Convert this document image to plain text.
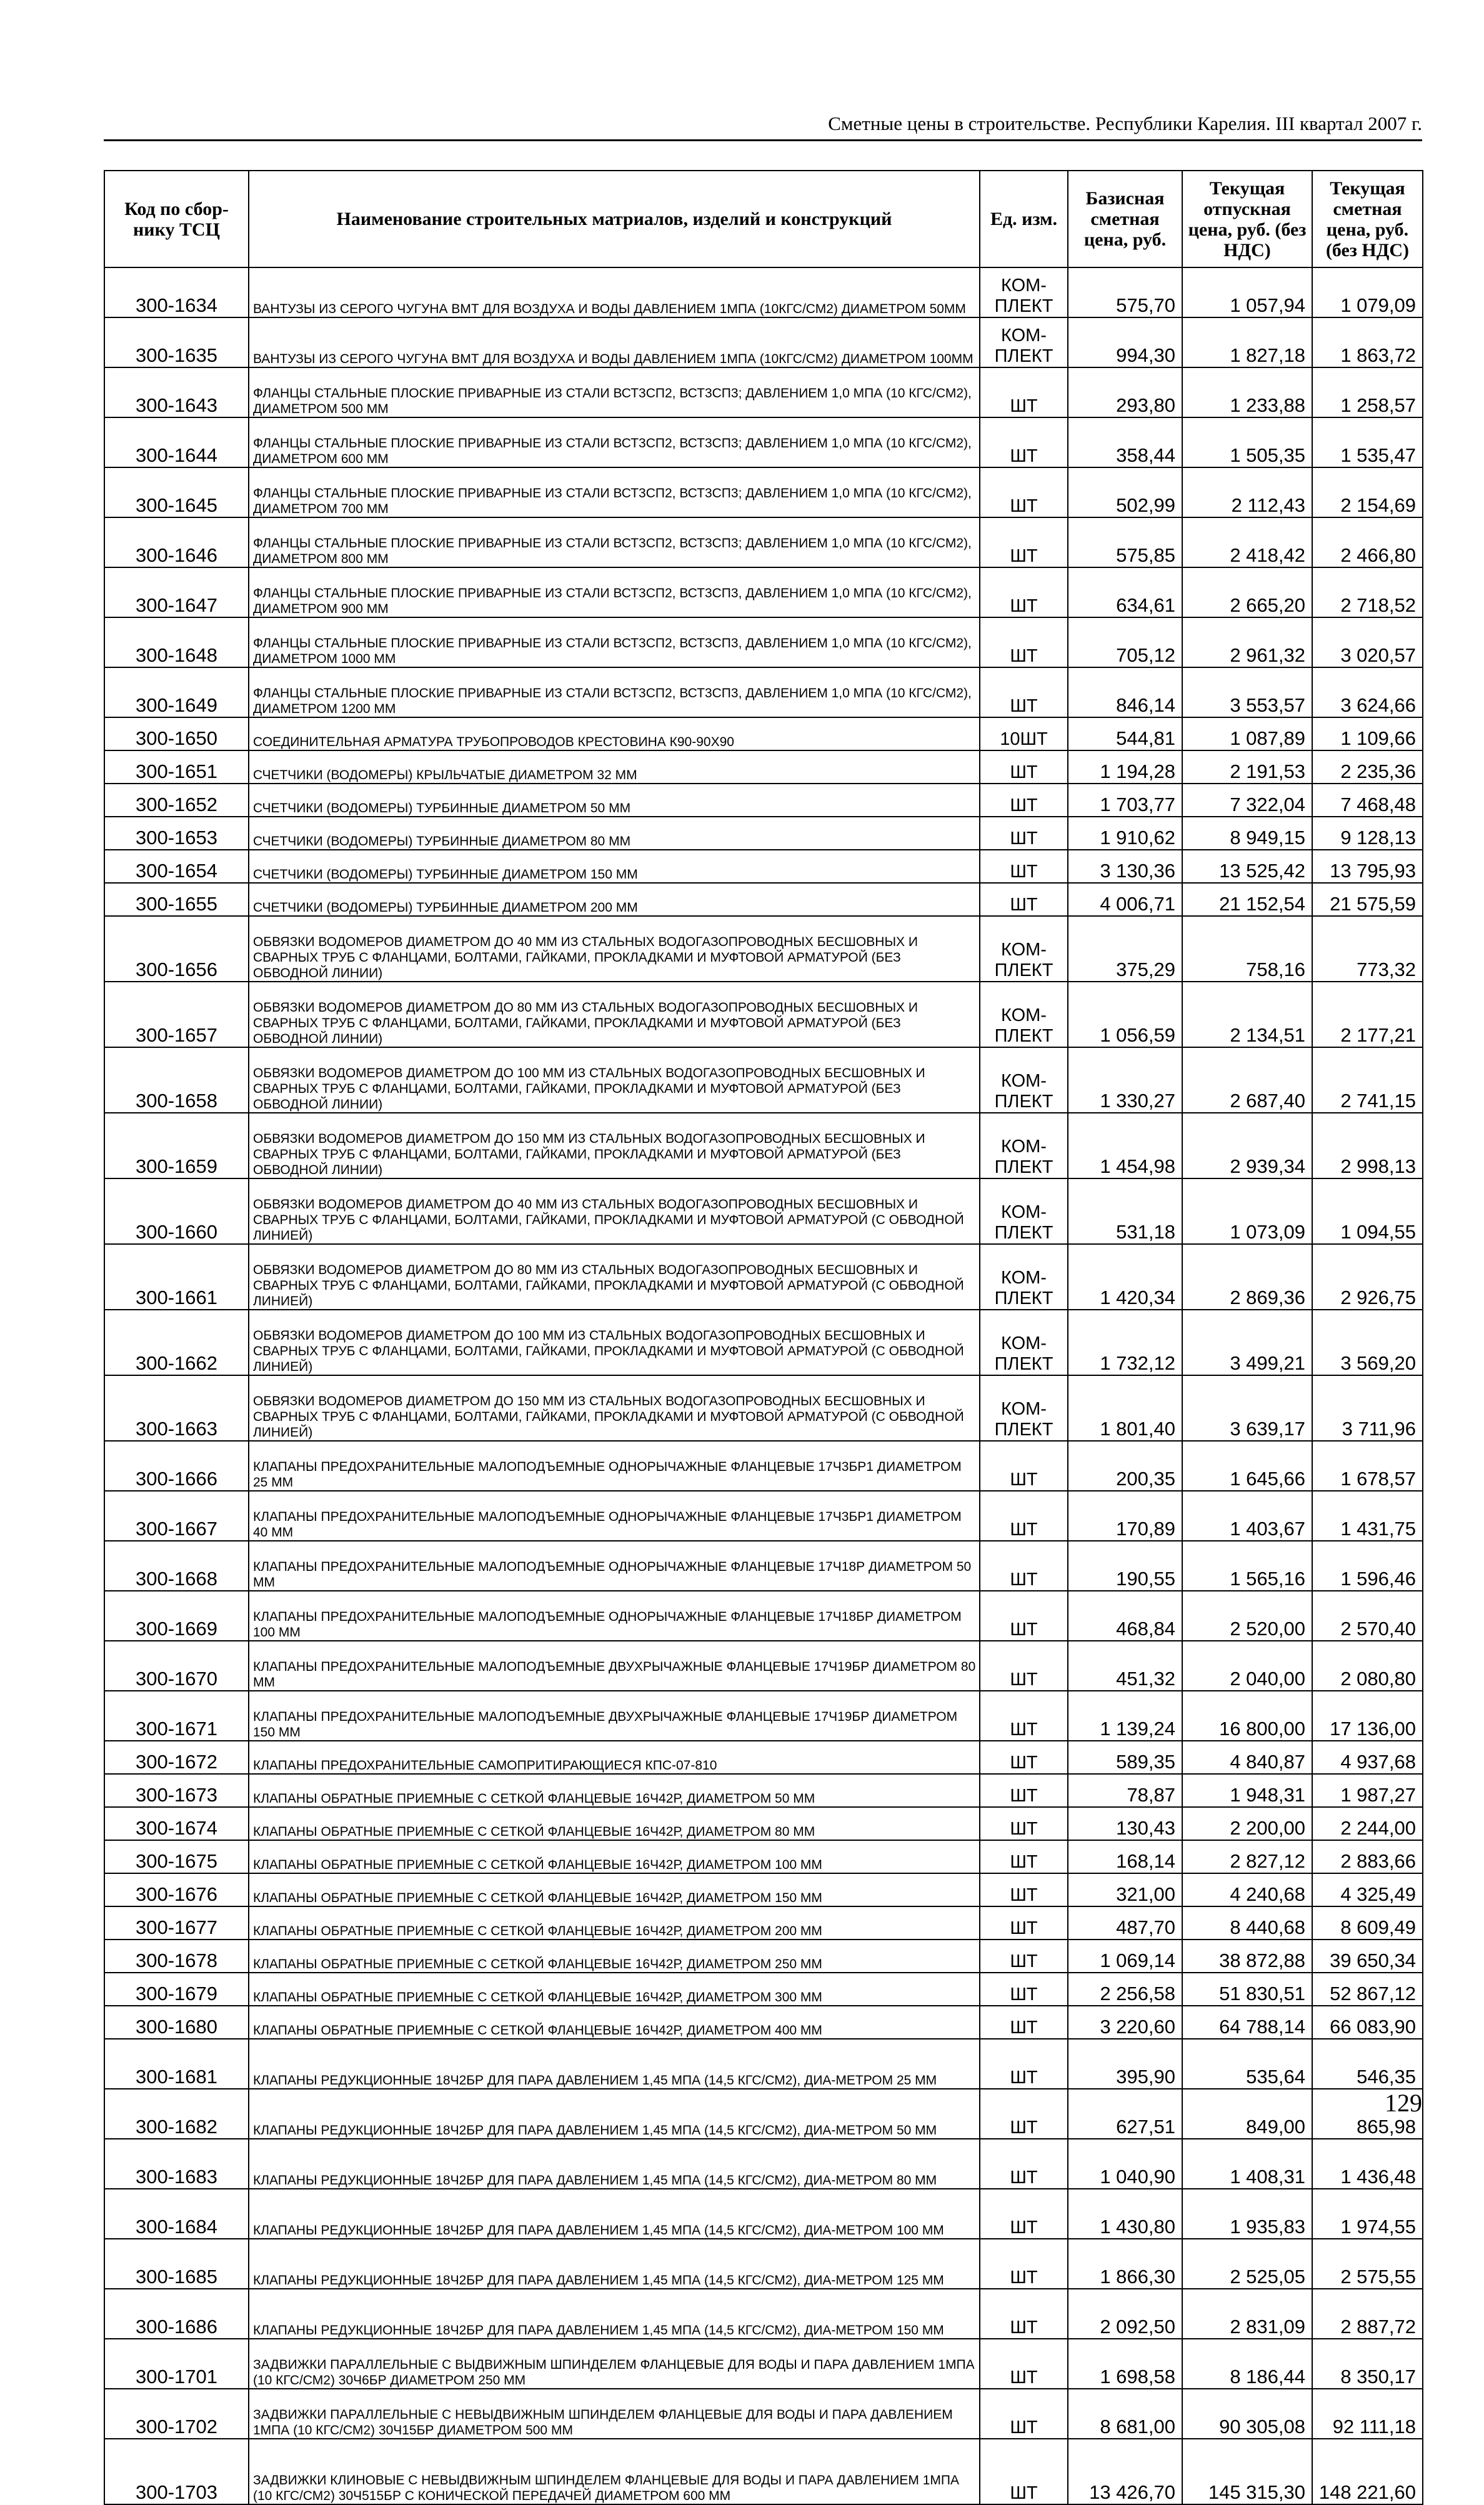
Сметные цены в строительстве. Республики Карелия. III квартал 2007 г.
Код по сбор-нику ТСЦ	Наименование строительных матриалов, изделий и конструкций	Ед. изм.	Базисная сметная цена, руб.	Текущая отпускная цена, руб. (без НДС)	Текущая сметная цена, руб. (без НДС)
300-1634	ВАНТУЗЫ ИЗ СЕРОГО ЧУГУНА ВМТ ДЛЯ ВОЗДУХА И ВОДЫ ДАВЛЕНИЕМ 1МПА (10КГС/СМ2) ДИАМЕТРОМ 50ММ	КОМ-ПЛЕКТ	575,70	1 057,94	1 079,09
300-1635	ВАНТУЗЫ ИЗ СЕРОГО ЧУГУНА ВМТ ДЛЯ ВОЗДУХА И ВОДЫ ДАВЛЕНИЕМ 1МПА (10КГС/СМ2) ДИАМЕТРОМ 100ММ	КОМ-ПЛЕКТ	994,30	1 827,18	1 863,72
300-1643	ФЛАНЦЫ СТАЛЬНЫЕ ПЛОСКИЕ ПРИВАРНЫЕ ИЗ СТАЛИ ВСТ3СП2, ВСТ3СП3; ДАВЛЕНИЕМ 1,0 МПА (10 КГС/СМ2), ДИАМЕТРОМ 500 ММ	ШТ	293,80	1 233,88	1 258,57
300-1644	ФЛАНЦЫ СТАЛЬНЫЕ ПЛОСКИЕ ПРИВАРНЫЕ ИЗ СТАЛИ ВСТ3СП2, ВСТ3СП3; ДАВЛЕНИЕМ 1,0 МПА (10 КГС/СМ2), ДИАМЕТРОМ 600 ММ	ШТ	358,44	1 505,35	1 535,47
300-1645	ФЛАНЦЫ СТАЛЬНЫЕ ПЛОСКИЕ ПРИВАРНЫЕ ИЗ СТАЛИ ВСТ3СП2, ВСТ3СП3; ДАВЛЕНИЕМ 1,0 МПА (10 КГС/СМ2), ДИАМЕТРОМ 700 ММ	ШТ	502,99	2 112,43	2 154,69
300-1646	ФЛАНЦЫ СТАЛЬНЫЕ ПЛОСКИЕ ПРИВАРНЫЕ ИЗ СТАЛИ ВСТ3СП2, ВСТ3СП3; ДАВЛЕНИЕМ 1,0 МПА (10 КГС/СМ2), ДИАМЕТРОМ 800 ММ	ШТ	575,85	2 418,42	2 466,80
300-1647	ФЛАНЦЫ СТАЛЬНЫЕ ПЛОСКИЕ ПРИВАРНЫЕ ИЗ СТАЛИ ВСТ3СП2, ВСТ3СП3, ДАВЛЕНИЕМ 1,0 МПА (10 КГС/СМ2), ДИАМЕТРОМ 900 ММ	ШТ	634,61	2 665,20	2 718,52
300-1648	ФЛАНЦЫ СТАЛЬНЫЕ ПЛОСКИЕ ПРИВАРНЫЕ ИЗ СТАЛИ ВСТ3СП2, ВСТ3СП3, ДАВЛЕНИЕМ 1,0 МПА (10 КГС/СМ2), ДИАМЕТРОМ 1000 ММ	ШТ	705,12	2 961,32	3 020,57
300-1649	ФЛАНЦЫ СТАЛЬНЫЕ ПЛОСКИЕ ПРИВАРНЫЕ ИЗ СТАЛИ ВСТ3СП2, ВСТ3СП3, ДАВЛЕНИЕМ 1,0 МПА (10 КГС/СМ2), ДИАМЕТРОМ 1200 ММ	ШТ	846,14	3 553,57	3 624,66
300-1650	СОЕДИНИТЕЛЬНАЯ АРМАТУРА ТРУБОПРОВОДОВ КРЕСТОВИНА К90-90Х90	10ШТ	544,81	1 087,89	1 109,66
300-1651	СЧЕТЧИКИ (ВОДОМЕРЫ) КРЫЛЬЧАТЫЕ ДИАМЕТРОМ 32 ММ	ШТ	1 194,28	2 191,53	2 235,36
300-1652	СЧЕТЧИКИ (ВОДОМЕРЫ) ТУРБИННЫЕ ДИАМЕТРОМ 50 ММ	ШТ	1 703,77	7 322,04	7 468,48
300-1653	СЧЕТЧИКИ (ВОДОМЕРЫ) ТУРБИННЫЕ ДИАМЕТРОМ 80 ММ	ШТ	1 910,62	8 949,15	9 128,13
300-1654	СЧЕТЧИКИ (ВОДОМЕРЫ) ТУРБИННЫЕ ДИАМЕТРОМ 150 ММ	ШТ	3 130,36	13 525,42	13 795,93
300-1655	СЧЕТЧИКИ (ВОДОМЕРЫ) ТУРБИННЫЕ ДИАМЕТРОМ 200 ММ	ШТ	4 006,71	21 152,54	21 575,59
300-1656	ОБВЯЗКИ ВОДОМЕРОВ ДИАМЕТРОМ ДО 40 ММ ИЗ СТАЛЬНЫХ ВОДОГАЗОПРОВОДНЫХ БЕСШОВНЫХ И СВАРНЫХ ТРУБ С ФЛАНЦАМИ, БОЛТАМИ, ГАЙКАМИ, ПРОКЛАДКАМИ И МУФТОВОЙ АРМАТУРОЙ (БЕЗ ОБВОДНОЙ ЛИНИИ)	КОМ-ПЛЕКТ	375,29	758,16	773,32
300-1657	ОБВЯЗКИ ВОДОМЕРОВ ДИАМЕТРОМ ДО 80 ММ ИЗ СТАЛЬНЫХ ВОДОГАЗОПРОВОДНЫХ БЕСШОВНЫХ И СВАРНЫХ ТРУБ С ФЛАНЦАМИ, БОЛТАМИ, ГАЙКАМИ, ПРОКЛАДКАМИ И МУФТОВОЙ АРМАТУРОЙ (БЕЗ ОБВОДНОЙ ЛИНИИ)	КОМ-ПЛЕКТ	1 056,59	2 134,51	2 177,21
300-1658	ОБВЯЗКИ ВОДОМЕРОВ ДИАМЕТРОМ ДО 100 ММ ИЗ СТАЛЬНЫХ ВОДОГАЗОПРОВОДНЫХ БЕСШОВНЫХ И СВАРНЫХ ТРУБ С ФЛАНЦАМИ, БОЛТАМИ, ГАЙКАМИ, ПРОКЛАДКАМИ И МУФТОВОЙ АРМАТУРОЙ (БЕЗ ОБВОДНОЙ ЛИНИИ)	КОМ-ПЛЕКТ	1 330,27	2 687,40	2 741,15
300-1659	ОБВЯЗКИ ВОДОМЕРОВ ДИАМЕТРОМ ДО 150 ММ ИЗ СТАЛЬНЫХ ВОДОГАЗОПРОВОДНЫХ БЕСШОВНЫХ И СВАРНЫХ ТРУБ С ФЛАНЦАМИ, БОЛТАМИ, ГАЙКАМИ, ПРОКЛАДКАМИ И МУФТОВОЙ АРМАТУРОЙ (БЕЗ ОБВОДНОЙ ЛИНИИ)	КОМ-ПЛЕКТ	1 454,98	2 939,34	2 998,13
300-1660	ОБВЯЗКИ ВОДОМЕРОВ ДИАМЕТРОМ ДО 40 ММ ИЗ СТАЛЬНЫХ ВОДОГАЗОПРОВОДНЫХ БЕСШОВНЫХ И СВАРНЫХ ТРУБ С ФЛАНЦАМИ, БОЛТАМИ, ГАЙКАМИ, ПРОКЛАДКАМИ И МУФТОВОЙ АРМАТУРОЙ (С ОБВОДНОЙ ЛИНИЕЙ)	КОМ-ПЛЕКТ	531,18	1 073,09	1 094,55
300-1661	ОБВЯЗКИ ВОДОМЕРОВ ДИАМЕТРОМ ДО 80 ММ ИЗ СТАЛЬНЫХ ВОДОГАЗОПРОВОДНЫХ БЕСШОВНЫХ И СВАРНЫХ ТРУБ С ФЛАНЦАМИ, БОЛТАМИ, ГАЙКАМИ, ПРОКЛАДКАМИ И МУФТОВОЙ АРМАТУРОЙ (С ОБВОДНОЙ ЛИНИЕЙ)	КОМ-ПЛЕКТ	1 420,34	2 869,36	2 926,75
300-1662	ОБВЯЗКИ ВОДОМЕРОВ ДИАМЕТРОМ ДО 100 ММ ИЗ СТАЛЬНЫХ ВОДОГАЗОПРОВОДНЫХ БЕСШОВНЫХ И СВАРНЫХ ТРУБ С ФЛАНЦАМИ, БОЛТАМИ, ГАЙКАМИ, ПРОКЛАДКАМИ И МУФТОВОЙ АРМАТУРОЙ (С ОБВОДНОЙ ЛИНИЕЙ)	КОМ-ПЛЕКТ	1 732,12	3 499,21	3 569,20
300-1663	ОБВЯЗКИ ВОДОМЕРОВ ДИАМЕТРОМ ДО 150 ММ ИЗ СТАЛЬНЫХ ВОДОГАЗОПРОВОДНЫХ БЕСШОВНЫХ И СВАРНЫХ ТРУБ С ФЛАНЦАМИ, БОЛТАМИ, ГАЙКАМИ, ПРОКЛАДКАМИ И МУФТОВОЙ АРМАТУРОЙ (С ОБВОДНОЙ ЛИНИЕЙ)	КОМ-ПЛЕКТ	1 801,40	3 639,17	3 711,96
300-1666	КЛАПАНЫ ПРЕДОХРАНИТЕЛЬНЫЕ МАЛОПОДЪЕМНЫЕ ОДНОРЫЧАЖНЫЕ ФЛАНЦЕВЫЕ 17Ч3БР1 ДИАМЕТРОМ 25 ММ	ШТ	200,35	1 645,66	1 678,57
300-1667	КЛАПАНЫ ПРЕДОХРАНИТЕЛЬНЫЕ МАЛОПОДЪЕМНЫЕ ОДНОРЫЧАЖНЫЕ ФЛАНЦЕВЫЕ 17Ч3БР1 ДИАМЕТРОМ 40 ММ	ШТ	170,89	1 403,67	1 431,75
300-1668	КЛАПАНЫ ПРЕДОХРАНИТЕЛЬНЫЕ МАЛОПОДЪЕМНЫЕ ОДНОРЫЧАЖНЫЕ ФЛАНЦЕВЫЕ 17Ч18Р ДИАМЕТРОМ 50 ММ	ШТ	190,55	1 565,16	1 596,46
300-1669	КЛАПАНЫ ПРЕДОХРАНИТЕЛЬНЫЕ МАЛОПОДЪЕМНЫЕ ОДНОРЫЧАЖНЫЕ ФЛАНЦЕВЫЕ 17Ч18БР ДИАМЕТРОМ 100 ММ	ШТ	468,84	2 520,00	2 570,40
300-1670	КЛАПАНЫ ПРЕДОХРАНИТЕЛЬНЫЕ МАЛОПОДЪЕМНЫЕ ДВУХРЫЧАЖНЫЕ ФЛАНЦЕВЫЕ 17Ч19БР ДИАМЕТРОМ 80 ММ	ШТ	451,32	2 040,00	2 080,80
300-1671	КЛАПАНЫ ПРЕДОХРАНИТЕЛЬНЫЕ МАЛОПОДЪЕМНЫЕ ДВУХРЫЧАЖНЫЕ ФЛАНЦЕВЫЕ 17Ч19БР ДИАМЕТРОМ 150 ММ	ШТ	1 139,24	16 800,00	17 136,00
300-1672	КЛАПАНЫ ПРЕДОХРАНИТЕЛЬНЫЕ САМОПРИТИРАЮЩИЕСЯ КПС-07-810	ШТ	589,35	4 840,87	4 937,68
300-1673	КЛАПАНЫ ОБРАТНЫЕ ПРИЕМНЫЕ С СЕТКОЙ ФЛАНЦЕВЫЕ 16Ч42Р, ДИАМЕТРОМ 50 ММ	ШТ	78,87	1 948,31	1 987,27
300-1674	КЛАПАНЫ ОБРАТНЫЕ ПРИЕМНЫЕ С СЕТКОЙ ФЛАНЦЕВЫЕ 16Ч42Р, ДИАМЕТРОМ 80 ММ	ШТ	130,43	2 200,00	2 244,00
300-1675	КЛАПАНЫ ОБРАТНЫЕ ПРИЕМНЫЕ С СЕТКОЙ ФЛАНЦЕВЫЕ 16Ч42Р, ДИАМЕТРОМ 100 ММ	ШТ	168,14	2 827,12	2 883,66
300-1676	КЛАПАНЫ ОБРАТНЫЕ ПРИЕМНЫЕ С СЕТКОЙ ФЛАНЦЕВЫЕ 16Ч42Р, ДИАМЕТРОМ 150 ММ	ШТ	321,00	4 240,68	4 325,49
300-1677	КЛАПАНЫ ОБРАТНЫЕ ПРИЕМНЫЕ С СЕТКОЙ ФЛАНЦЕВЫЕ 16Ч42Р, ДИАМЕТРОМ 200 ММ	ШТ	487,70	8 440,68	8 609,49
300-1678	КЛАПАНЫ ОБРАТНЫЕ ПРИЕМНЫЕ С СЕТКОЙ ФЛАНЦЕВЫЕ 16Ч42Р, ДИАМЕТРОМ 250 ММ	ШТ	1 069,14	38 872,88	39 650,34
300-1679	КЛАПАНЫ ОБРАТНЫЕ ПРИЕМНЫЕ С СЕТКОЙ ФЛАНЦЕВЫЕ 16Ч42Р, ДИАМЕТРОМ 300 ММ	ШТ	2 256,58	51 830,51	52 867,12
300-1680	КЛАПАНЫ ОБРАТНЫЕ ПРИЕМНЫЕ С СЕТКОЙ ФЛАНЦЕВЫЕ 16Ч42Р, ДИАМЕТРОМ 400 ММ	ШТ	3 220,60	64 788,14	66 083,90
300-1681	КЛАПАНЫ РЕДУКЦИОННЫЕ 18Ч2БР ДЛЯ ПАРА ДАВЛЕНИЕМ 1,45 МПА (14,5 КГС/СМ2), ДИА-МЕТРОМ 25 ММ	ШТ	395,90	535,64	546,35
300-1682	КЛАПАНЫ РЕДУКЦИОННЫЕ 18Ч2БР ДЛЯ ПАРА ДАВЛЕНИЕМ 1,45 МПА (14,5 КГС/СМ2), ДИА-МЕТРОМ 50 ММ	ШТ	627,51	849,00	865,98
300-1683	КЛАПАНЫ РЕДУКЦИОННЫЕ 18Ч2БР ДЛЯ ПАРА ДАВЛЕНИЕМ 1,45 МПА (14,5 КГС/СМ2), ДИА-МЕТРОМ 80 ММ	ШТ	1 040,90	1 408,31	1 436,48
300-1684	КЛАПАНЫ РЕДУКЦИОННЫЕ 18Ч2БР ДЛЯ ПАРА ДАВЛЕНИЕМ 1,45 МПА (14,5 КГС/СМ2), ДИА-МЕТРОМ 100 ММ	ШТ	1 430,80	1 935,83	1 974,55
300-1685	КЛАПАНЫ РЕДУКЦИОННЫЕ 18Ч2БР ДЛЯ ПАРА ДАВЛЕНИЕМ 1,45 МПА (14,5 КГС/СМ2), ДИА-МЕТРОМ 125 ММ	ШТ	1 866,30	2 525,05	2 575,55
300-1686	КЛАПАНЫ РЕДУКЦИОННЫЕ 18Ч2БР ДЛЯ ПАРА ДАВЛЕНИЕМ 1,45 МПА (14,5 КГС/СМ2), ДИА-МЕТРОМ 150 ММ	ШТ	2 092,50	2 831,09	2 887,72
300-1701	ЗАДВИЖКИ ПАРАЛЛЕЛЬНЫЕ С ВЫДВИЖНЫМ ШПИНДЕЛЕМ ФЛАНЦЕВЫЕ ДЛЯ ВОДЫ И ПАРА ДАВЛЕНИЕМ 1МПА (10 КГС/СМ2) 30Ч6БР ДИАМЕТРОМ 250 ММ	ШТ	1 698,58	8 186,44	8 350,17
300-1702	ЗАДВИЖКИ ПАРАЛЛЕЛЬНЫЕ С НЕВЫДВИЖНЫМ ШПИНДЕЛЕМ ФЛАНЦЕВЫЕ ДЛЯ ВОДЫ И ПАРА ДАВЛЕНИЕМ 1МПА (10 КГС/СМ2) 30Ч15БР ДИАМЕТРОМ 500 ММ	ШТ	8 681,00	90 305,08	92 111,18
300-1703	ЗАДВИЖКИ КЛИНОВЫЕ С НЕВЫДВИЖНЫМ ШПИНДЕЛЕМ ФЛАНЦЕВЫЕ ДЛЯ ВОДЫ И ПАРА ДАВЛЕНИЕМ 1МПА (10 КГС/СМ2) 30Ч515БР С КОНИЧЕСКОЙ ПЕРЕДАЧЕЙ ДИАМЕТРОМ 600 ММ	ШТ	13 426,70	145 315,30	148 221,60
129
